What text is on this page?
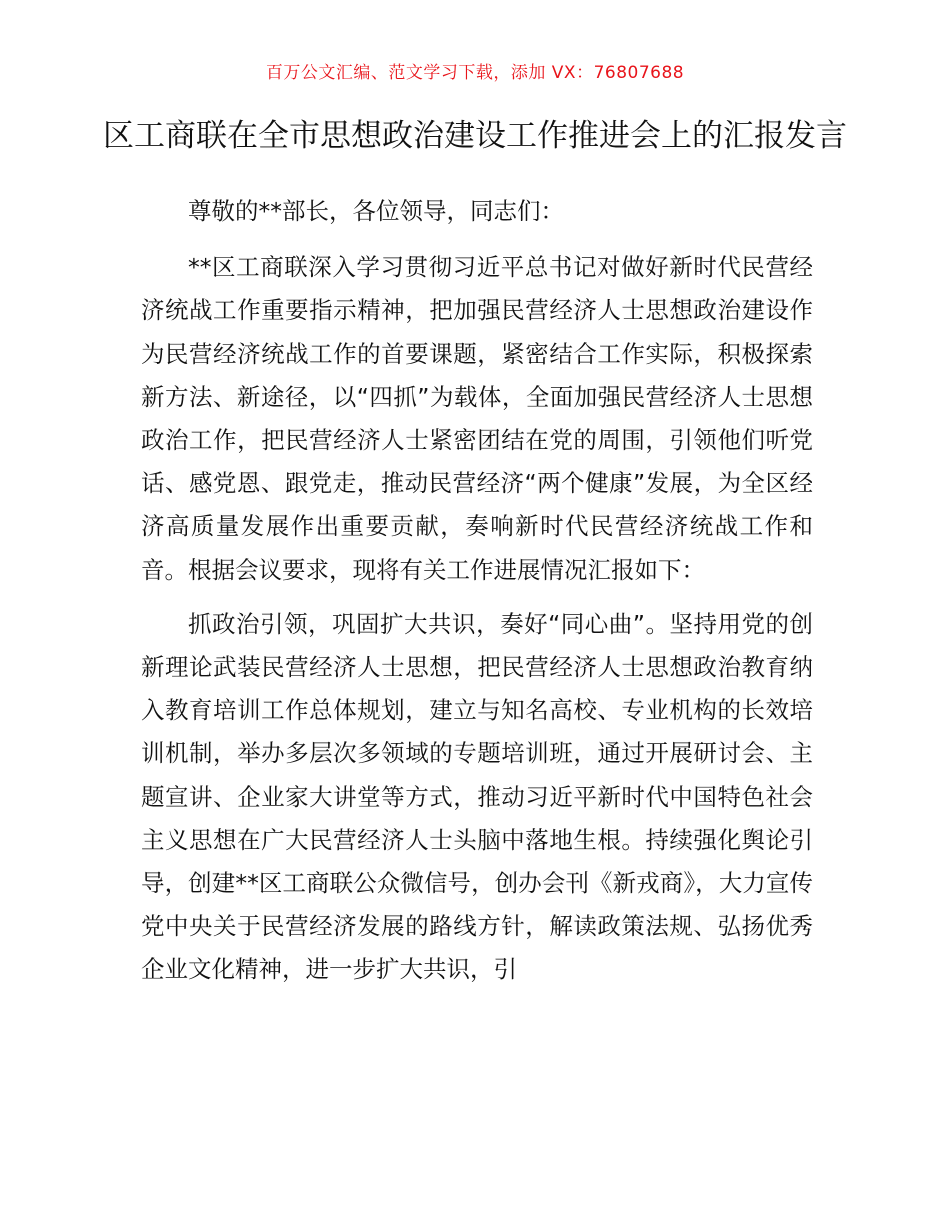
百万公文汇编、范文学习下载，添加 VX：76807688
区工商联在全市思想政治建设工作推进会上的汇报发言

尊敬的**部长，各位领导，同志们：

**区工商联深入学习贯彻习近平总书记对做好新时代民营经济统战工作重要指示精神，把加强民营经济人士思想政治建设作为民营经济统战工作的首要课题，紧密结合工作实际，积极探索新方法、新途径，以“四抓”为载体，全面加强民营经济人士思想政治工作，把民营经济人士紧密团结在党的周围，引领他们听党话、感党恩、跟党走，推动民营经济“两个健康”发展，为全区经济高质量发展作出重要贡献，奏响新时代民营经济统战工作和音。根据会议要求，现将有关工作进展情况汇报如下：

抓政治引领，巩固扩大共识，奏好“同心曲”。坚持用党的创新理论武装民营经济人士思想，把民营经济人士思想政治教育纳入教育培训工作总体规划，建立与知名高校、专业机构的长效培训机制，举办多层次多领域的专题培训班，通过开展研讨会、主题宣讲、企业家大讲堂等方式，推动习近平新时代中国特色社会主义思想在广大民营经济人士头脑中落地生根。持续强化舆论引导，创建**区工商联公众微信号，创办会刊《新戎商》，大力宣传党中央关于民营经济发展的路线方针，解读政策法规、弘扬优秀企业文化精神，进一步扩大共识，引
